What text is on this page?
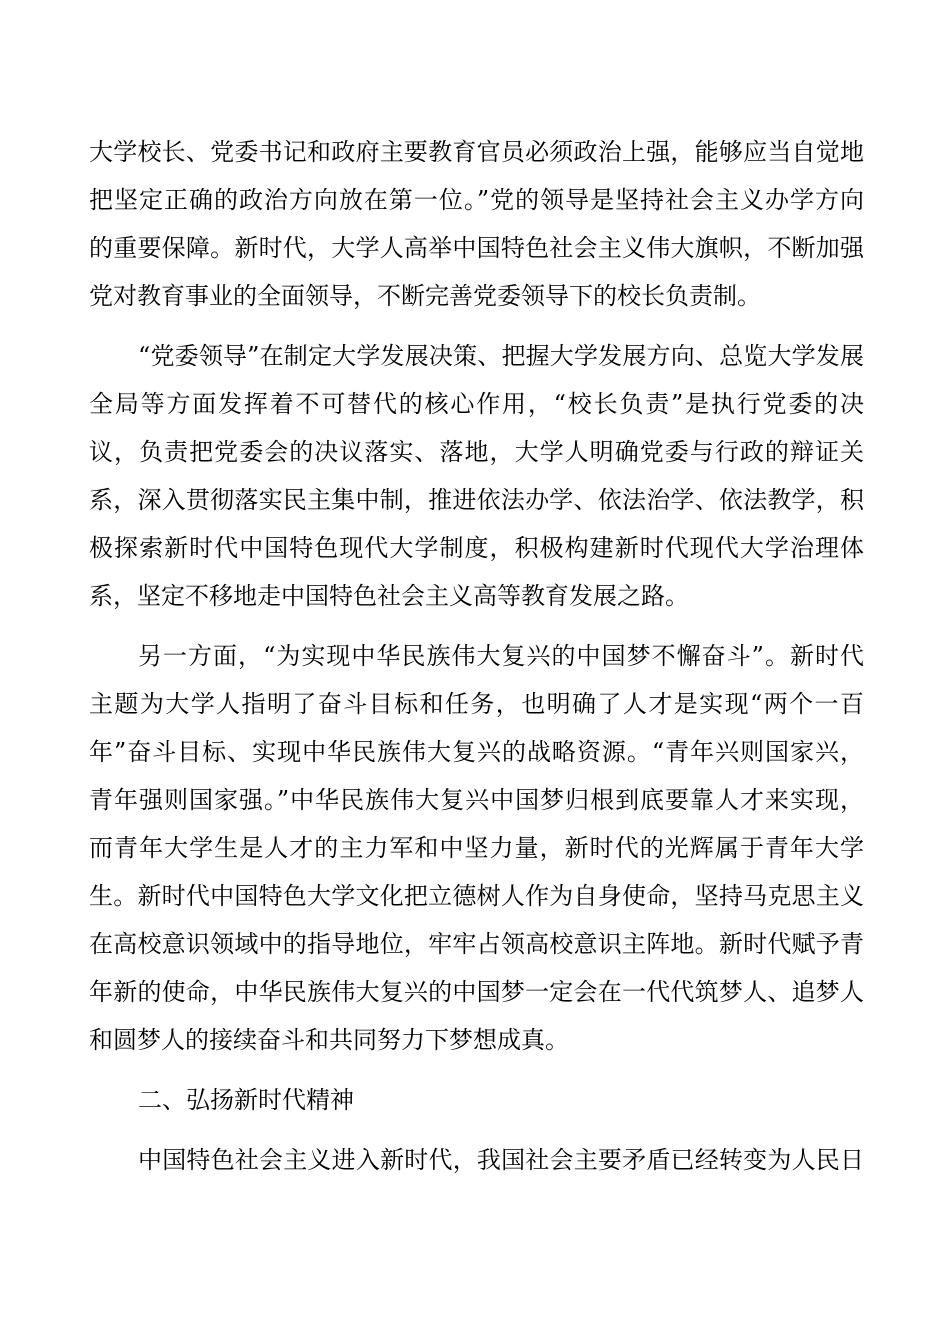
大学校长、党委书记和政府主要教育官员必须政治上强，能够应当自觉地
把坚定正确的政治方向放在第一位。”党的领导是坚持社会主义办学方向
的重要保障。新时代，大学人高举中国特色社会主义伟大旗帜，不断加强
党对教育事业的全面领导，不断完善党委领导下的校长负责制。
“党委领导”在制定大学发展决策、把握大学发展方向、总览大学发展
全局等方面发挥着不可替代的核心作用，“校长负责”是执行党委的决
议，负责把党委会的决议落实、落地，大学人明确党委与行政的辩证关
系，深入贯彻落实民主集中制，推进依法办学、依法治学、依法教学，积
极探索新时代中国特色现代大学制度，积极构建新时代现代大学治理体
系，坚定不移地走中国特色社会主义高等教育发展之路。
另一方面，“为实现中华民族伟大复兴的中国梦不懈奋斗”。新时代
主题为大学人指明了奋斗目标和任务，也明确了人才是实现“两个一百
年”奋斗目标、实现中华民族伟大复兴的战略资源。“青年兴则国家兴，
青年强则国家强。”中华民族伟大复兴中国梦归根到底要靠人才来实现，
而青年大学生是人才的主力军和中坚力量，新时代的光辉属于青年大学
生。新时代中国特色大学文化把立德树人作为自身使命，坚持马克思主义
在高校意识领域中的指导地位，牢牢占领高校意识主阵地。新时代赋予青
年新的使命，中华民族伟大复兴的中国梦一定会在一代代筑梦人、追梦人
和圆梦人的接续奋斗和共同努力下梦想成真。
二、弘扬新时代精神
中国特色社会主义进入新时代，我国社会主要矛盾已经转变为人民日
